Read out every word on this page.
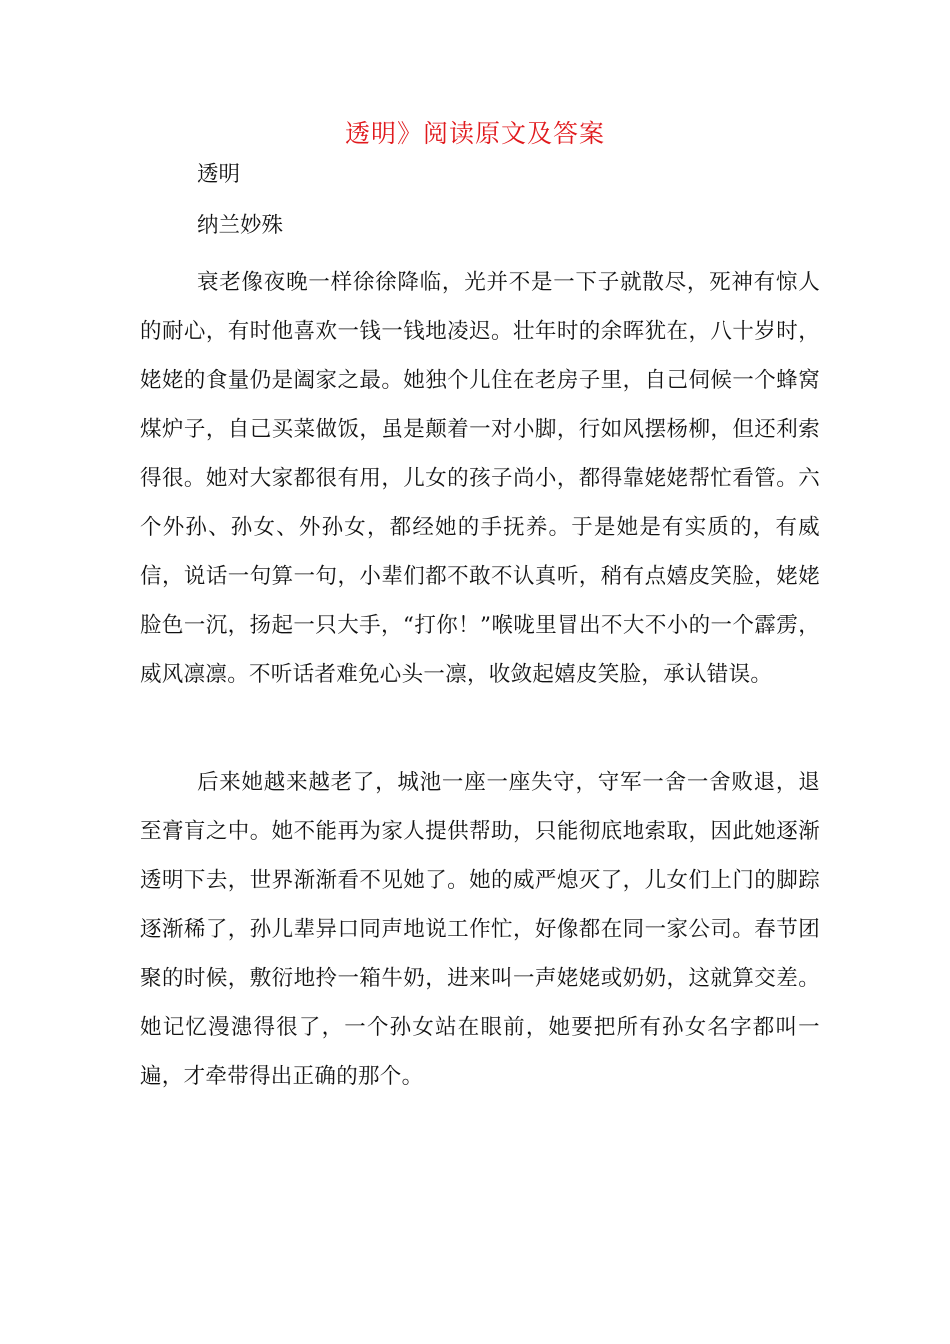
透明》阅读原文及答案

透明

纳兰妙殊

衰老像夜晚一样徐徐降临，光并不是一下子就散尽，死神有惊人的耐心，有时他喜欢一钱一钱地凌迟。壮年时的余晖犹在，八十岁时，姥姥的食量仍是阖家之最。她独个儿住在老房子里，自己伺候一个蜂窝煤炉子，自己买菜做饭，虽是颠着一对小脚，行如风摆杨柳，但还利索得很。她对大家都很有用，儿女的孩子尚小，都得靠姥姥帮忙看管。六个外孙、孙女、外孙女，都经她的手抚养。于是她是有实质的，有威信，说话一句算一句，小辈们都不敢不认真听，稍有点嬉皮笑脸，姥姥脸色一沉，扬起一只大手，“打你！”喉咙里冒出不大不小的一个霹雳，威风凛凛。不听话者难免心头一凛，收敛起嬉皮笑脸，承认错误。

后来她越来越老了，城池一座一座失守，守军一舍一舍败退，退至膏肓之中。她不能再为家人提供帮助，只能彻底地索取，因此她逐渐透明下去，世界渐渐看不见她了。她的威严熄灭了，儿女们上门的脚踪逐渐稀了，孙儿辈异口同声地说工作忙，好像都在同一家公司。春节团聚的时候，敷衍地拎一箱牛奶，进来叫一声姥姥或奶奶，这就算交差。她记忆漫漶得很了，一个孙女站在眼前，她要把所有孙女名字都叫一遍，才牵带得出正确的那个。
